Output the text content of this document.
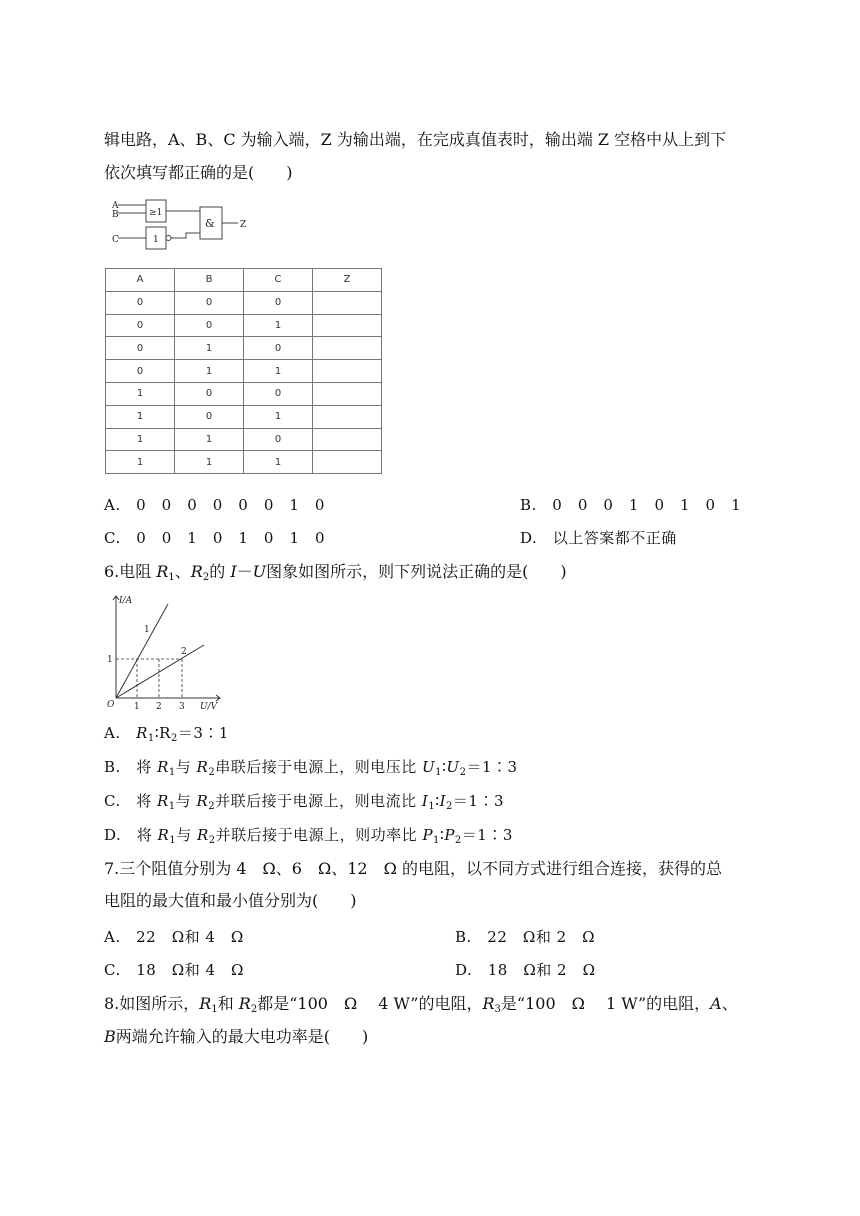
辑电路，A、B、C 为输入端，Z 为输出端，在完成真值表时，输出端 Z 空格中从上到下
依次填写都正确的是(　　)
A
B
C
≥1
1
&	Z
A	B	C	Z
0	0	0	
0	0	1	
0	1	0	
0	1	1	
1	0	0	
1	0	1	
1	1	0	
1	1	1	
A.　0　0　0　0　0　0　1　0	B.　0　0　0　1　0　1　0　1
C.　0　0　1　0　1　0　1　0	D.　以上答案都不正确
6.电阻 $R_1$、$R_2$的 I－U图象如图所示，则下列说法正确的是(　　)
I/A
U/V
O
1
2
1
1 2 3
A.　$R_1∶R_2=3∶1$
B.　将 $R_1$与 $R_2$串联后接于电源上，则电压比 $U_1∶U_2=1∶3$
C.　将 $R_1$与 $R_2$并联后接于电源上，则电流比 $I_1∶I_2=1∶3$
D.　将 $R_1$与 $R_2$并联后接于电源上，则功率比 $P_1∶P_2=1∶3$
7.三个阻值分别为 4　Ω、6　Ω、12　Ω 的电阻，以不同方式进行组合连接，获得的总
电阻的最大值和最小值分别为(　　)
A.　22　Ω和 4　Ω	B.　22　Ω和 2　Ω
C.　18　Ω和 4　Ω	D.　18　Ω和 2　Ω
8.如图所示，$R_1$和 $R_2$都是“100　Ω　 4 W”的电阻，$R_3$是“100　Ω　 1 W”的电阻，A、
B两端允许输入的最大电功率是(　　)
